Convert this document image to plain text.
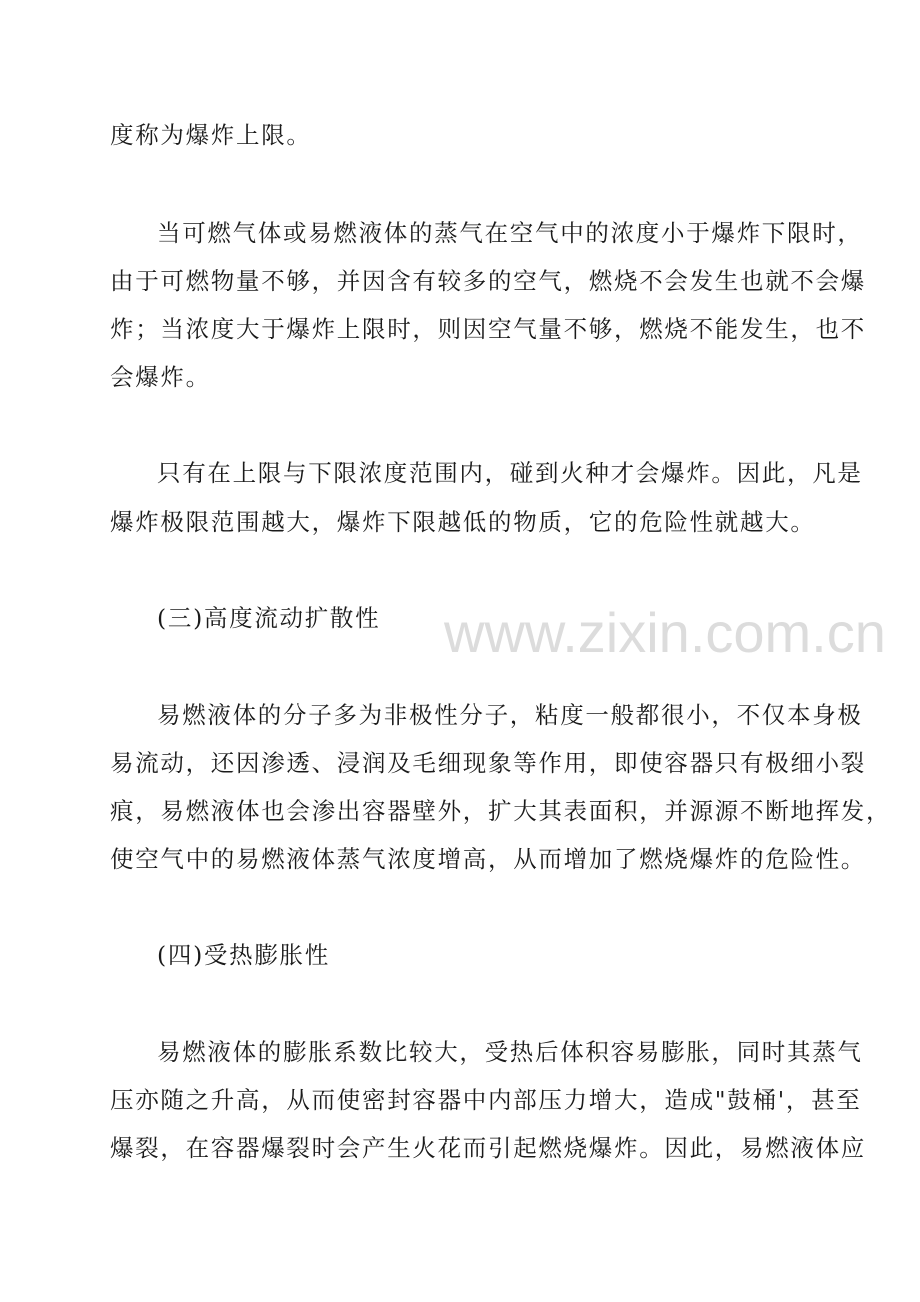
www.zixin.com.cn
度称为爆炸上限。
当可燃气体或易燃液体的蒸气在空气中的浓度小于爆炸下限时，
由于可燃物量不够，并因含有较多的空气，燃烧不会发生也就不会爆
炸；当浓度大于爆炸上限时，则因空气量不够，燃烧不能发生，也不
会爆炸。
只有在上限与下限浓度范围内，碰到火种才会爆炸。因此，凡是
爆炸极限范围越大，爆炸下限越低的物质，它的危险性就越大。
(三)高度流动扩散性
易燃液体的分子多为非极性分子，粘度一般都很小，不仅本身极
易流动，还因渗透、浸润及毛细现象等作用，即使容器只有极细小裂
痕，易燃液体也会渗出容器壁外，扩大其表面积，并源源不断地挥发，
使空气中的易燃液体蒸气浓度增高，从而增加了燃烧爆炸的危险性。
(四)受热膨胀性
易燃液体的膨胀系数比较大，受热后体积容易膨胀，同时其蒸气
压亦随之升高，从而使密封容器中内部压力增大，造成"鼓桶'，甚至
爆裂，在容器爆裂时会产生火花而引起燃烧爆炸。因此，易燃液体应
